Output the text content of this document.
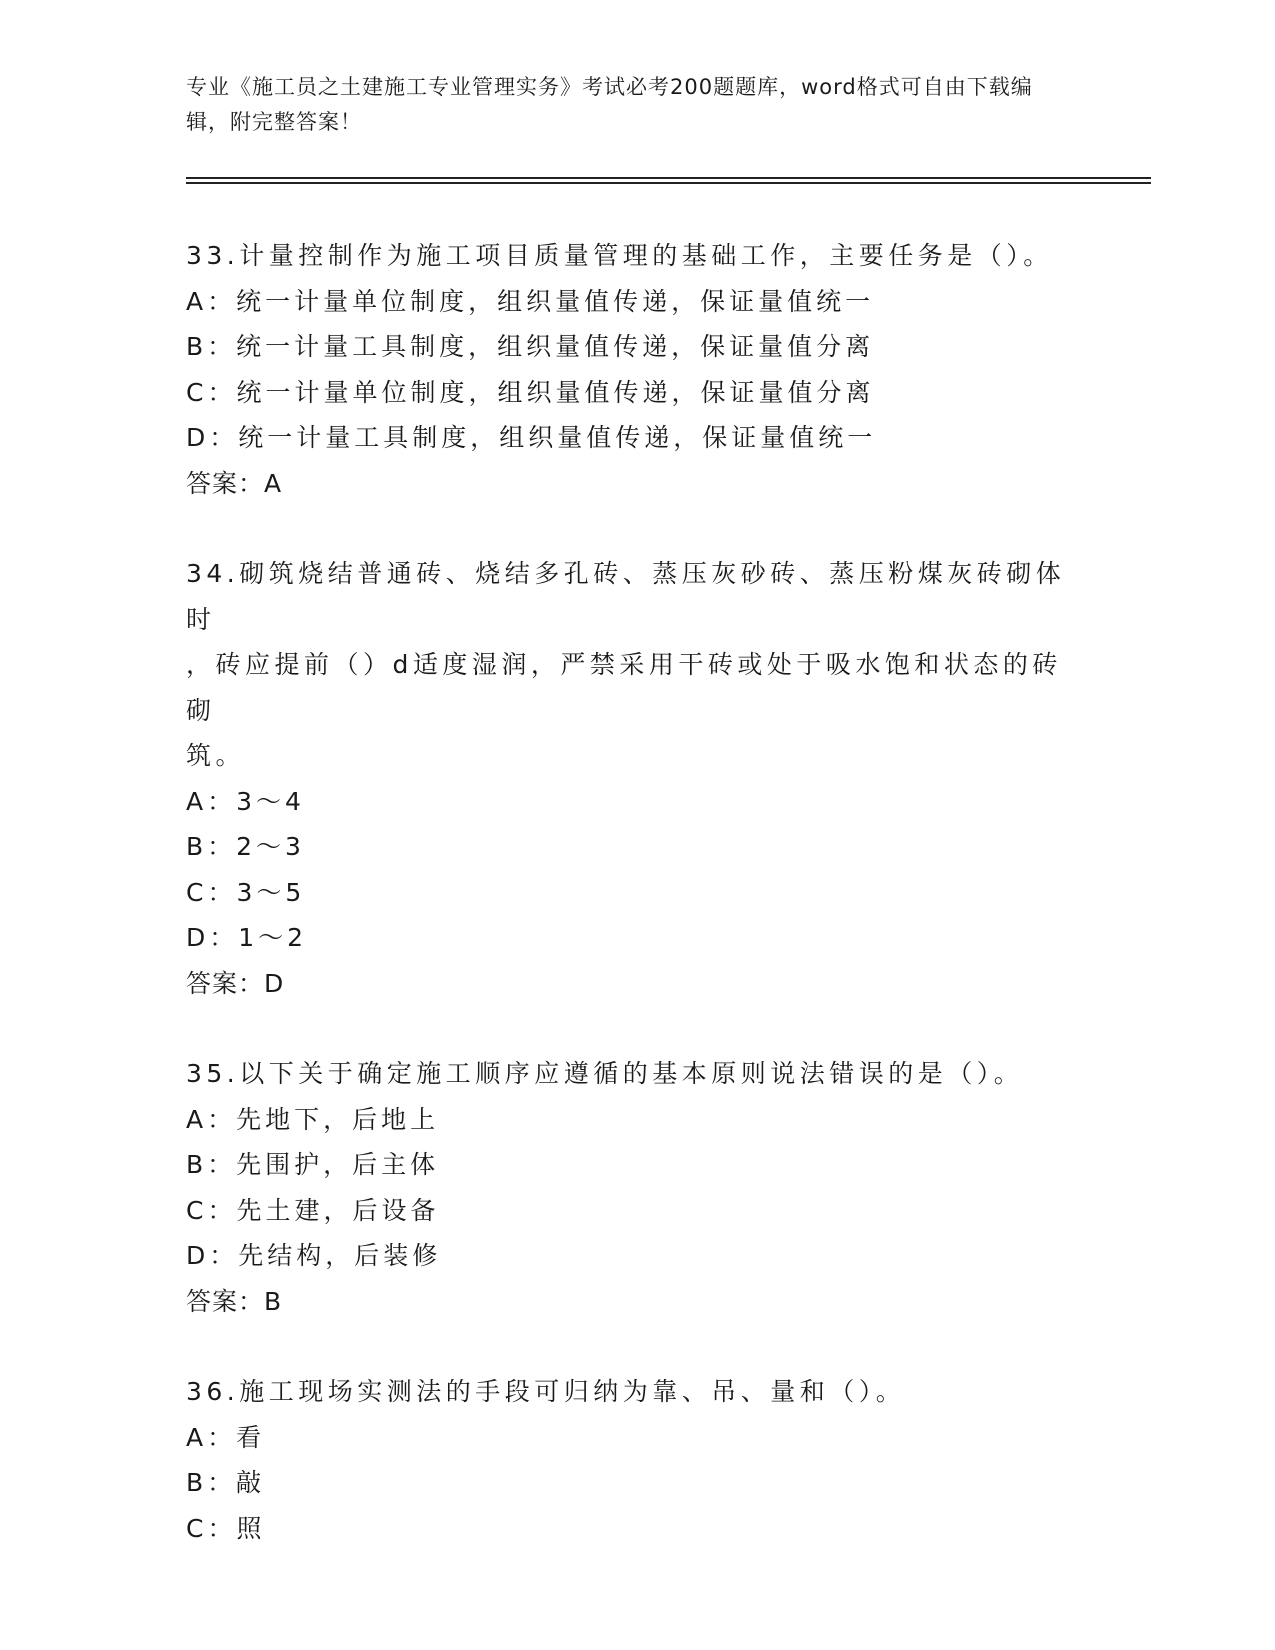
专业《施工员之土建施工专业管理实务》考试必考200题题库，word格式可自由下载编辑，附完整答案！
33.计量控制作为施工项目质量管理的基础工作，主要任务是（）。
A：统一计量单位制度，组织量值传递，保证量值统一
B：统一计量工具制度，组织量值传递，保证量值分离
C：统一计量单位制度，组织量值传递，保证量值分离
D：统一计量工具制度，组织量值传递，保证量值统一
答案：A
34.砌筑烧结普通砖、烧结多孔砖、蒸压灰砂砖、蒸压粉煤灰砖砌体时
，砖应提前（）d适度湿润，严禁采用干砖或处于吸水饱和状态的砖砌
筑。
A：3～4
B：2～3
C：3～5
D：1～2
答案：D
35.以下关于确定施工顺序应遵循的基本原则说法错误的是（）。
A：先地下，后地上
B：先围护，后主体
C：先土建，后设备
D：先结构，后装修
答案：B
36.施工现场实测法的手段可归纳为靠、吊、量和（）。
A：看
B：敲
C：照
